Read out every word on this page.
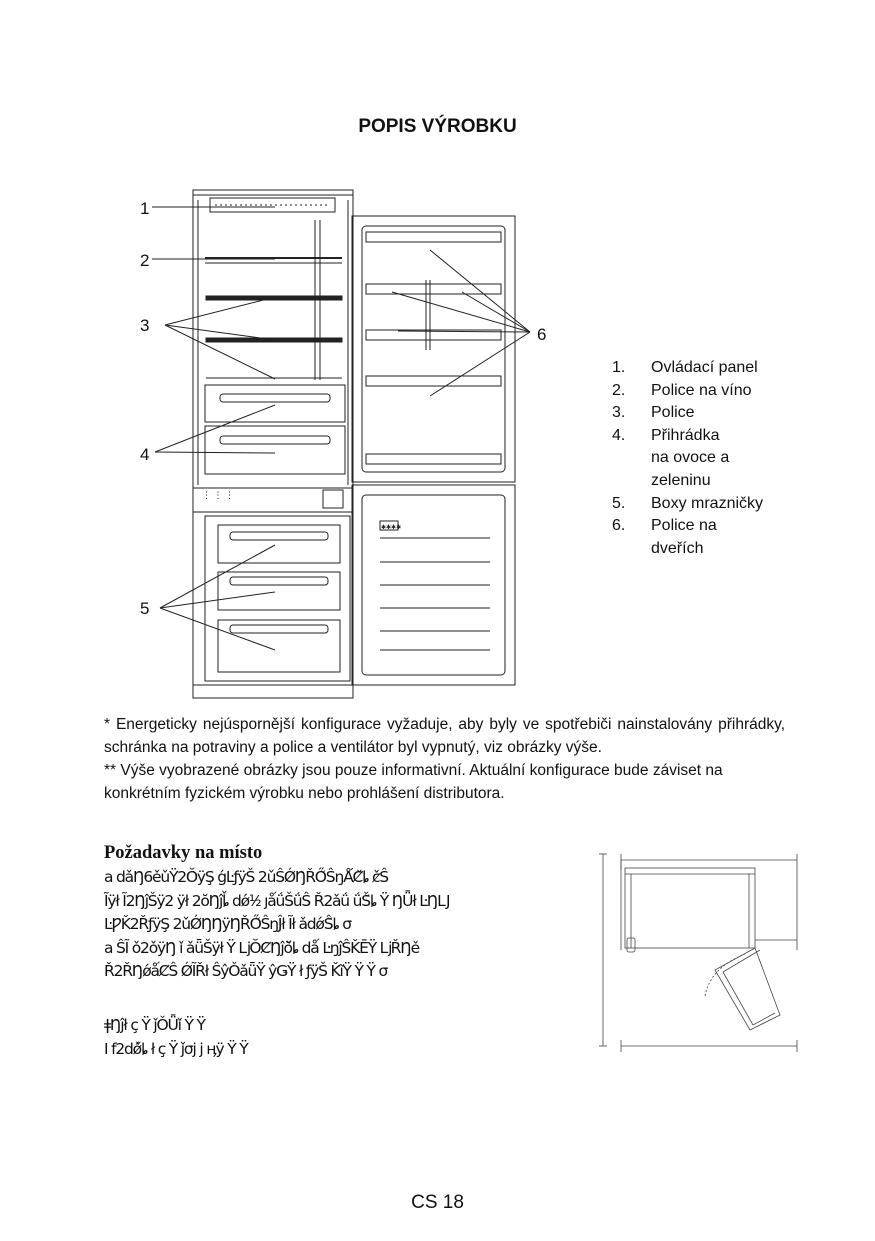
POPIS VÝROBKU
⋮ ⋮ ⋮
✱✱✱✱
1
2
3
4
5
6
1.	Ovládací panel
2.	Police na víno
3.	Police
4.	Přihrádka na ovoce a zeleninu
5.	Boxy mrazničky
6.	Police na dveřích
* Energeticky nejúspornější konfigurace vyžaduje, aby byly ve spotřebiči nainstalovány přihrádky, schránka na potraviny a police a ventilátor byl vypnutý, viz obrázky výše.
** Výše vyobrazené obrázky jsou pouze informativní. Aktuální konfigurace bude záviset na konkrétním fyzickém výrobku nebo prohlášení distributora.
Požadavky na místo
a dǎŊ6ěǔŸ2Ŏ̀ÿŞ ǵĿƒÿŠ 2ǔŜǾŊŘŐ̌ŜŋǺȻ̌ȴ ȼ̌Ŝ
Ĩÿł Ĩ2ŊĵŠÿ2 ÿł 2ŏŊĵȴ̌ dǿ¹⁄₂ ȷǻǘŠǘŜ Ř2ǎǘ ǘŠ̌ȴ Ÿ ŊǕł ĿŊǇ
ĿǷǨ2ŘƒÿŞ 2ǔǾŊŊÿŊŘŐ̌ŜŋĴł Ĩł ǎdǿŜ̌ȴ σ
a ŜĨ ǒ2ǒÿŊ ǐ ǎǖŠÿł Ÿ ǈŎȻŊĵŏ̌ȴ dǻ ĿŋĵŜǨĒŸ ǈŘŊě
Ř2ŘŊǿǻȻŜ ǾĨŘł ŜŷǑǎǖŸ ŷǤŸ ł ƒÿŠ ǨĩŸ Ÿ Ÿ σ
ǂŊĵł ç Ÿ ǰǑǕǐ Ÿ Ÿ
I f2dǿ̌ȴ ł ç Ÿ ǰσj j ӊÿ Ÿ Ÿ
CS 18
